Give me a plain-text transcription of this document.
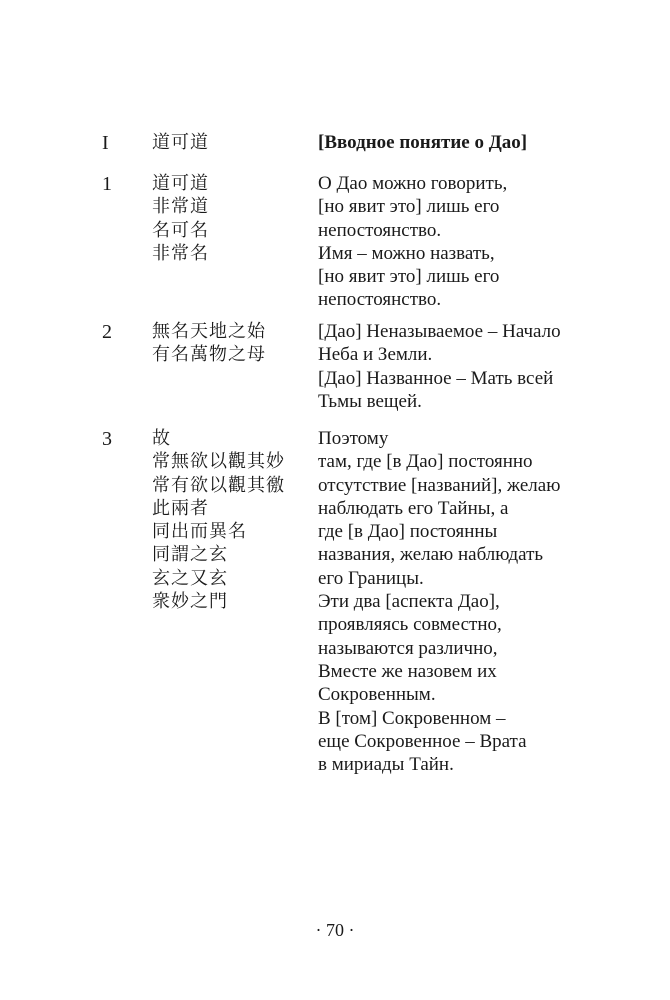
I 道可道	[Вводное понятие о Дао]
1 道可道
非常道
名可名
非常名
О Дао можно говорить,
[но явит это] лишь его
непостоянство.
Имя – можно назвать,
[но явит это] лишь его
непостоянство.
2 無名天地之始
有名萬物之母
[Дао] Неназываемое – Начало
Неба и Земли.
[Дао] Названное – Мать всей
Тьмы вещей.
3 故
常無欲以觀其妙
常有欲以觀其徼
此兩者
同出而異名
同謂之玄
玄之又玄
衆妙之門
Поэтому
там, где [в Дао] постоянно
отсутствие [названий], желаю
наблюдать его Тайны, а
где [в Дао] постоянны
названия, желаю наблюдать
его Границы.
Эти два [аспекта Дао],
проявляясь совместно,
называются различно,
Вместе же назовем их
Сокровенным.
В [том] Сокровенном –
еще Сокровенное – Врата
в мириады Тайн.
· 70 ·
